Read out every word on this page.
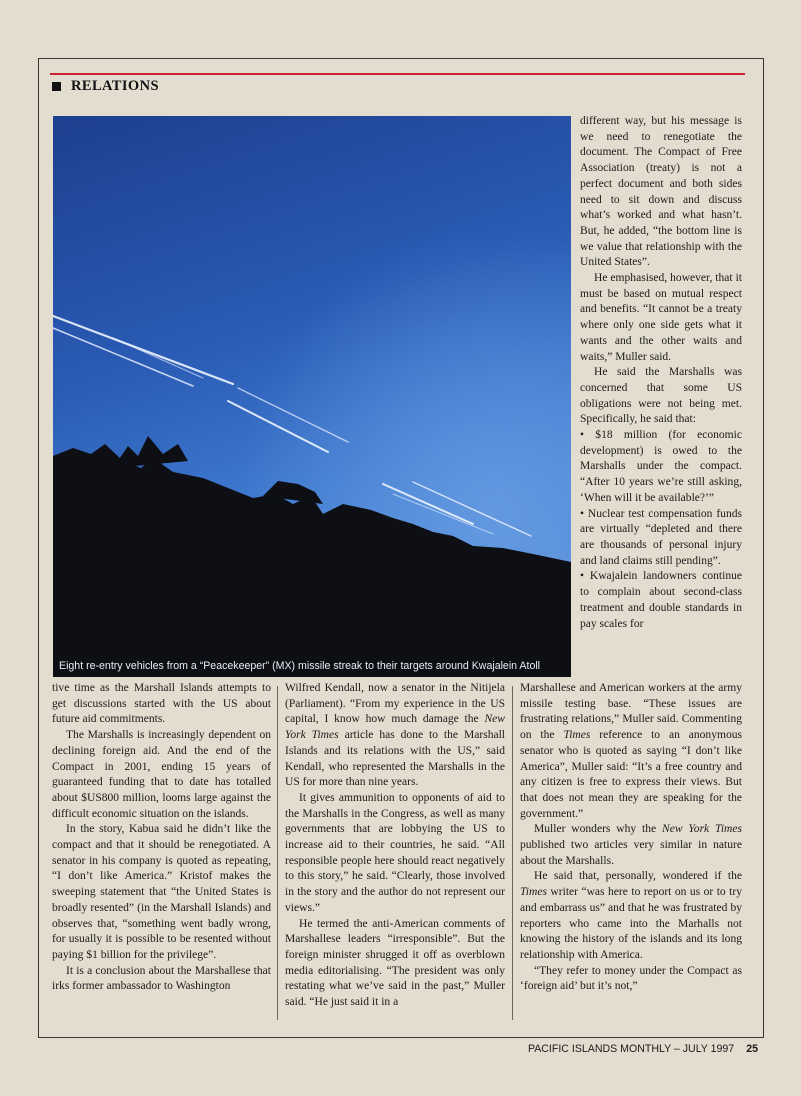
RELATIONS
Eight re-entry vehicles from a “Peacekeeper” (MX) missile streak to their targets around Kwajalein Atoll

different way, but his message is we need to renegotiate the document. The Compact of Free Association (treaty) is not a perfect document and both sides need to sit down and discuss what’s worked and what hasn’t. But, he added, “the bottom line is we value that relationship with the United States”.

He emphasised, however, that it must be based on mutual respect and benefits. “It cannot be a treaty where only one side gets what it wants and the other waits and waits,” Muller said.

He said the Marshalls was concerned that some US obligations were not being met. Specifically, he said that:

• $18 million (for economic development) is owed to the Marshalls under the compact. “After 10 years we’re still asking, ‘When will it be available?’”

• Nuclear test compensation funds are virtually “depleted and there are thousands of personal injury and land claims still pending”.

• Kwajalein landowners continue to complain about second-class treatment and double standards in pay scales for

tive time as the Marshall Islands attempts to get discussions started with the US about future aid commitments.

The Marshalls is increasingly dependent on declining foreign aid. And the end of the Compact in 2001, ending 15 years of guaranteed funding that to date has totalled about $US800 million, looms large against the difficult economic situation on the islands.

In the story, Kabua said he didn’t like the compact and that it should be renegotiated. A senator in his company is quoted as repeating, “I don’t like America.” Kristof makes the sweeping statement that “the United States is broadly resented” (in the Marshall Islands) and observes that, “something went badly wrong, for usually it is possible to be resented without paying $1 billion for the privilege”.

It is a conclusion about the Marshallese that irks former ambassador to Washington

Wilfred Kendall, now a senator in the Nitijela (Parliament). “From my experience in the US capital, I know how much damage the New York Times article has done to the Marshall Islands and its relations with the US,” said Kendall, who represented the Marshalls in the US for more than nine years.

It gives ammunition to opponents of aid to the Marshalls in the Congress, as well as many governments that are lobbying the US to increase aid to their countries, he said. “All responsible people here should react negatively to this story,” he said. “Clearly, those involved in the story and the author do not represent our views.”

He termed the anti-American comments of Marshallese leaders “irresponsible”. But the foreign minister shrugged it off as overblown media editorialising. “The president was only restating what we’ve said in the past,” Muller said. “He just said it in a

Marshallese and American workers at the army missile testing base. “These issues are frustrating relations,” Muller said. Commenting on the Times reference to an anonymous senator who is quoted as saying “I don’t like America”, Muller said: “It’s a free country and any citizen is free to express their views. But that does not mean they are speaking for the government.”

Muller wonders why the New York Times published two articles very similar in nature about the Marshalls.

He said that, personally, wondered if the Times writer “was here to report on us or to try and embarrass us” and that he was frustrated by reporters who came into the Marhalls not knowing the history of the islands and its long relationship with America.

“They refer to money under the Compact as ‘foreign aid’ but it’s not,”

PACIFIC ISLANDS MONTHLY – JULY 1997 25
